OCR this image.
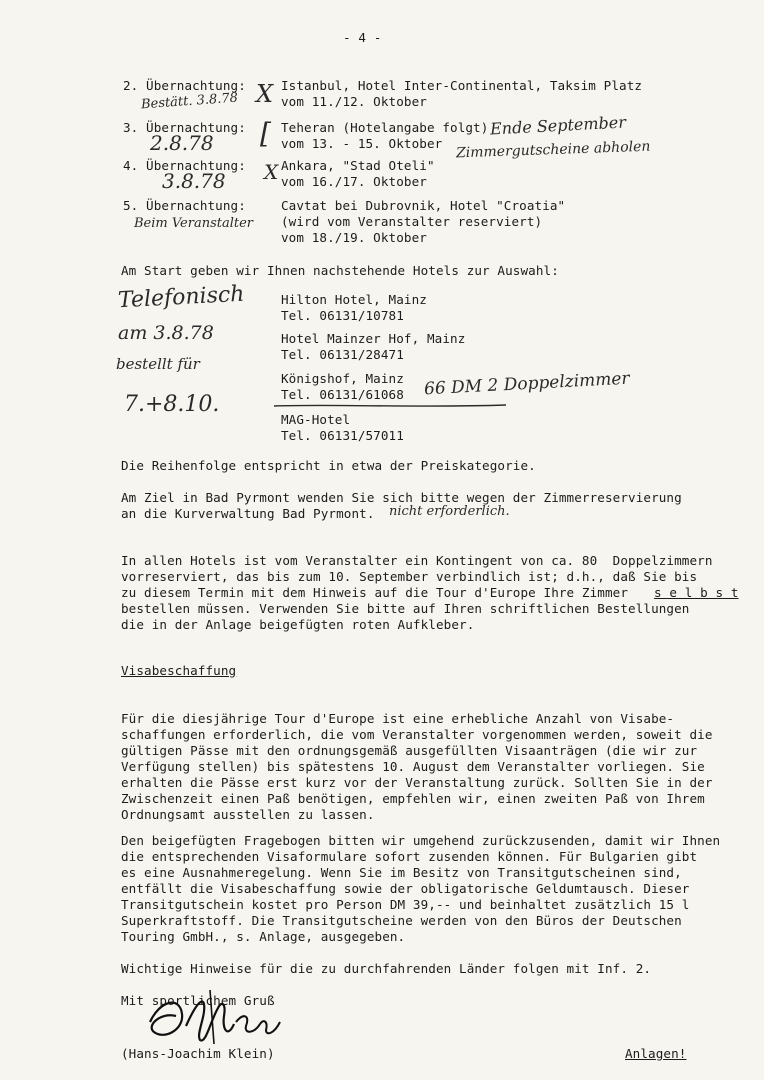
- 4 -
2. Übernachtung:	Istanbul, Hotel Inter-Continental, Taksim Platz
vom 11./12. Oktober
Bestätt. 3.8.78 X
3. Übernachtung:	Teheran (Hotelangabe folgt)
vom 13. - 15. Oktober
2.8.78 [	Ende September
Zimmergutscheine abholen
4. Übernachtung:	Ankara, "Stad Oteli"
vom 16./17. Oktober
3.8.78 X
5. Übernachtung:	Cavtat bei Dubrovnik, Hotel "Croatia"
(wird vom Veranstalter reserviert)
vom 18./19. Oktober
Beim Veranstalter
Am Start geben wir Ihnen nachstehende Hotels zur Auswahl:
Hilton Hotel, Mainz
Tel. 06131/10781
Hotel Mainzer Hof, Mainz
Tel. 06131/28471
Königshof, Mainz
Tel. 06131/61068
MAG-Hotel
Tel. 06131/57011
Telefonisch
am 3.8.78
bestellt für
7.+8.10.
66 DM 2 Doppelzimmer
Die Reihenfolge entspricht in etwa der Preiskategorie.
Am Ziel in Bad Pyrmont wenden Sie sich bitte wegen der Zimmerreservierung
an die Kurverwaltung Bad Pyrmont. nicht erforderlich.
In allen Hotels ist vom Veranstalter ein Kontingent von ca. 80  Doppelzimmern
vorreserviert, das bis zum 10. September verbindlich ist; d.h., daß Sie bis
zu diesem Termin mit dem Hinweis auf die Tour d'Europe Ihre Zimmer
bestellen müssen. Verwenden Sie bitte auf Ihren schriftlichen Bestellungen
die in der Anlage beigefügten roten Aufkleber.
s e l b s t
Visabeschaffung
Für die diesjährige Tour d'Europe ist eine erhebliche Anzahl von Visabe-
schaffungen erforderlich, die vom Veranstalter vorgenommen werden, soweit die
gültigen Pässe mit den ordnungsgemäß ausgefüllten Visaanträgen (die wir zur
Verfügung stellen) bis spätestens 10. August dem Veranstalter vorliegen. Sie
erhalten die Pässe erst kurz vor der Veranstaltung zurück. Sollten Sie in der
Zwischenzeit einen Paß benötigen, empfehlen wir, einen zweiten Paß von Ihrem
Ordnungsamt ausstellen zu lassen.
Den beigefügten Fragebogen bitten wir umgehend zurückzusenden, damit wir Ihnen
die entsprechenden Visaformulare sofort zusenden können. Für Bulgarien gibt
es eine Ausnahmeregelung. Wenn Sie im Besitz von Transitgutscheinen sind,
entfällt die Visabeschaffung sowie der obligatorische Geldumtausch. Dieser
Transitgutschein kostet pro Person DM 39,-- und beinhaltet zusätzlich 15 l
Superkraftstoff. Die Transitgutscheine werden von den Büros der Deutschen
Touring GmbH., s. Anlage, ausgegeben.
Wichtige Hinweise für die zu durchfahrenden Länder folgen mit Inf. 2.
Mit sportlichem Gruß
(Hans-Joachim Klein)	Anlagen!
